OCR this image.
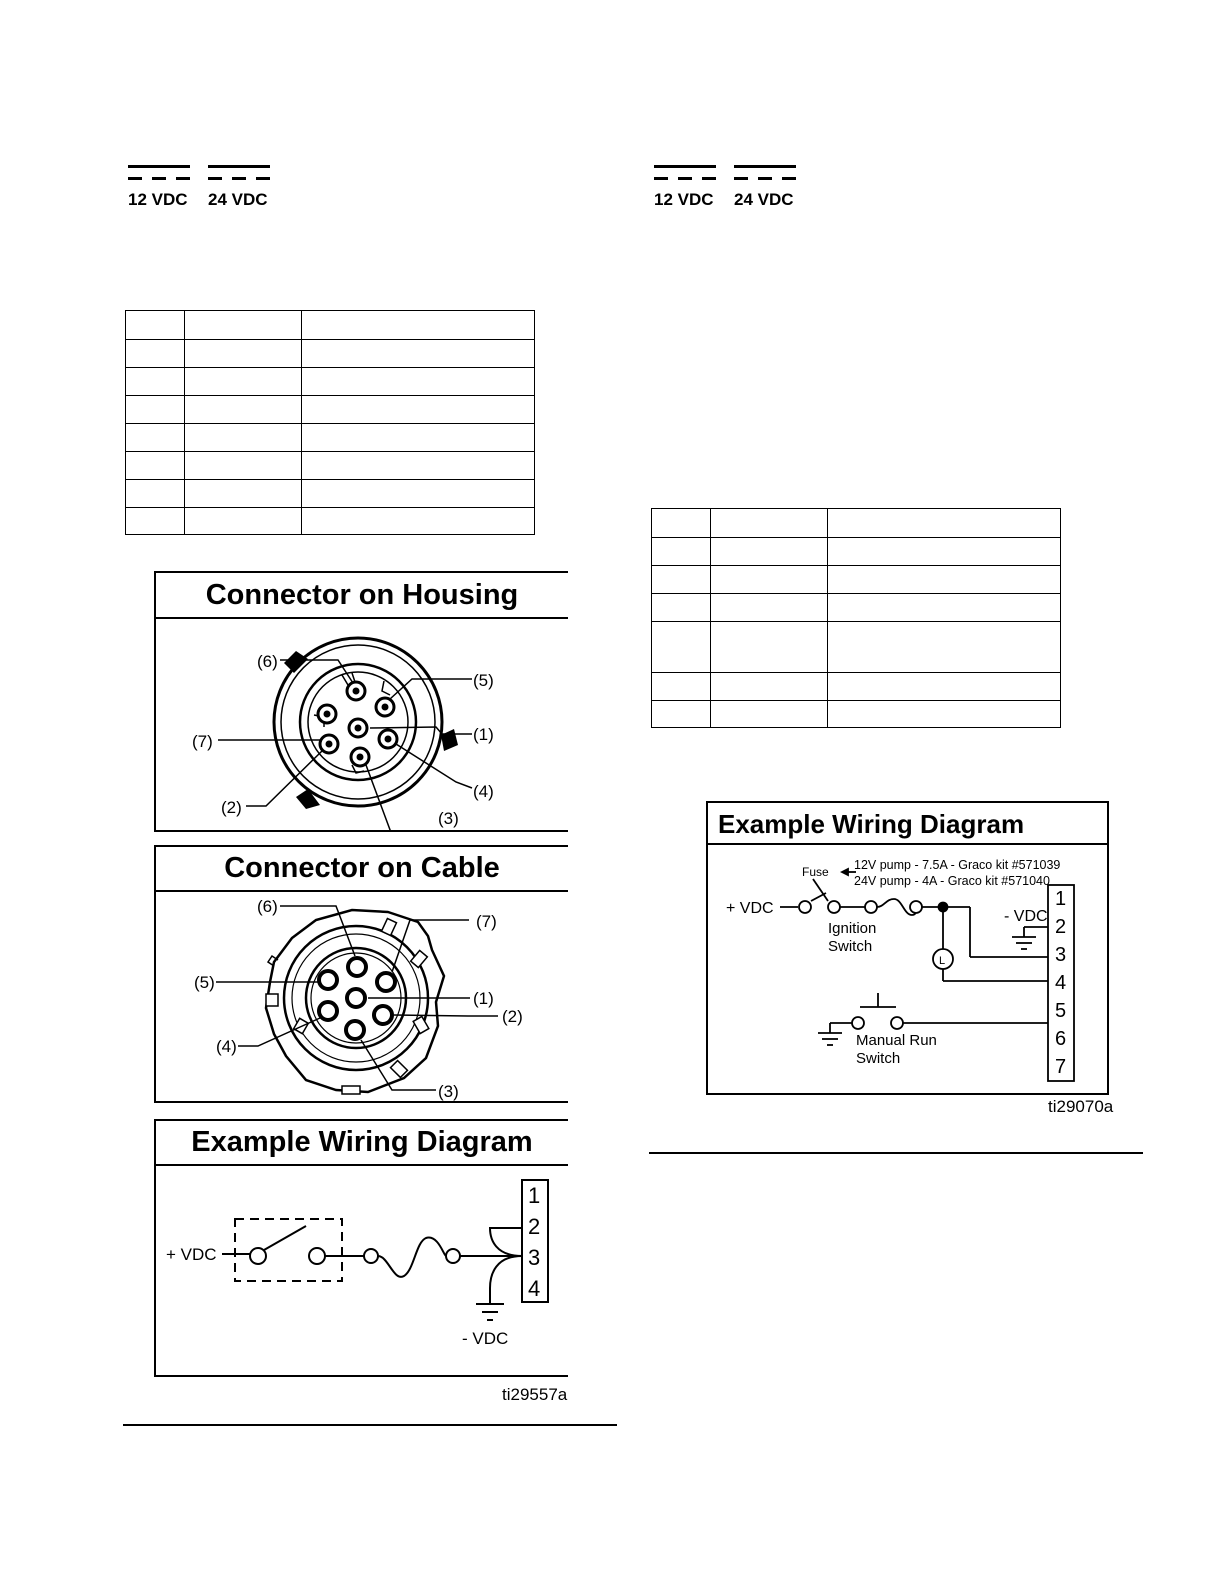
12 VDC 24 VDC

Connector on Housing
(6)
(5)
(7)	(1)
(4)
(2)
(3)
Connector on Cable
(6)
(7)
(5)
(1)
(2)
(4)
(3)
Example Wiring Diagram
+ VDC
- VDC
1
2
3
4
ti29557a
12 VDC 24 VDC

Example Wiring Diagram
Fuse 12V pump - 7.5A - Graco kit #571039
24V pump - 4A - Graco kit #571040
+ VDC	- VDC
Ignition
Switch
L
Manual Run
Switch
1
2
3
4
5
6
7
ti29070a
